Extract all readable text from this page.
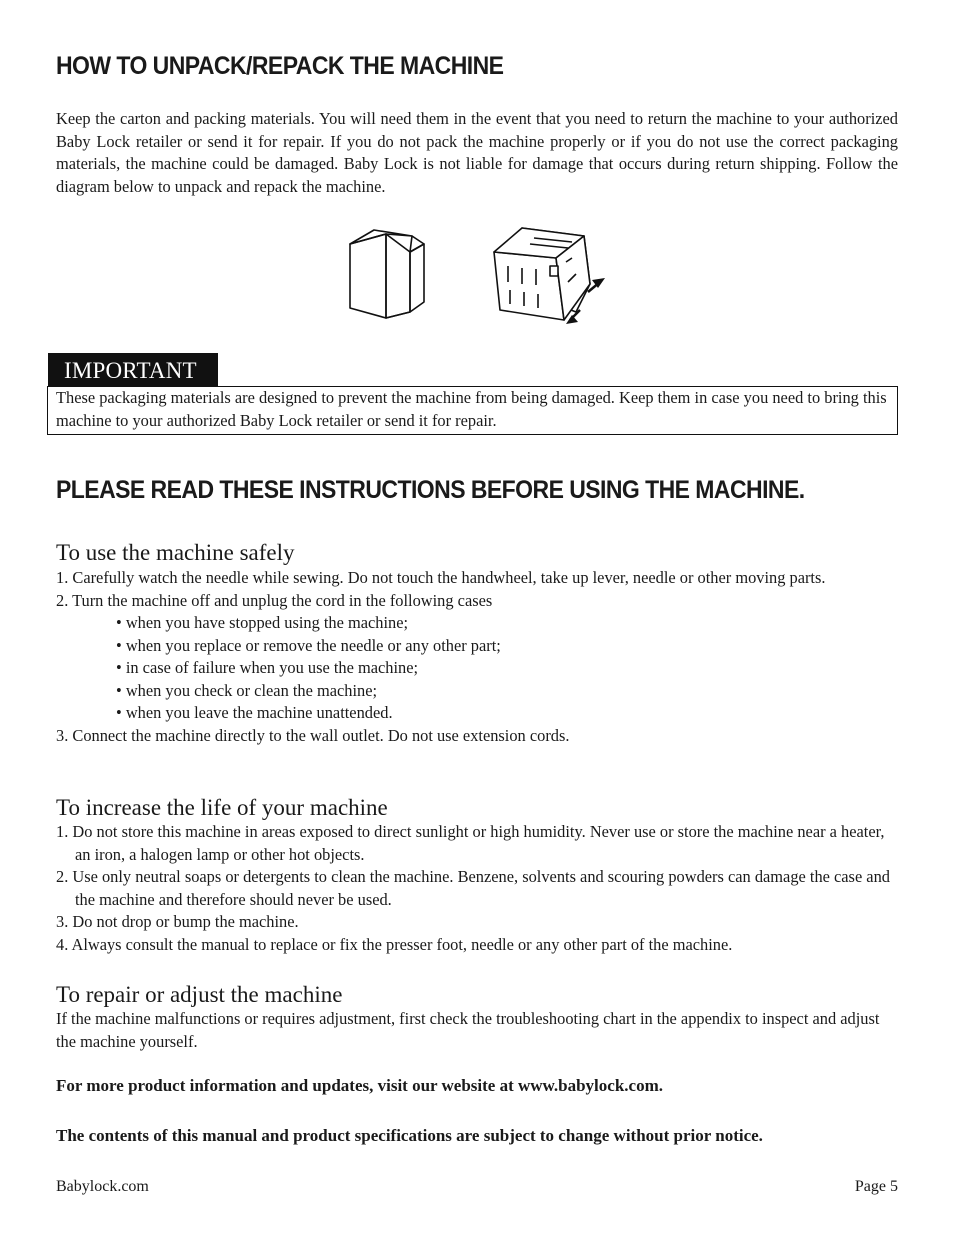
HOW TO UNPACK/REPACK THE MACHINE

Keep the carton and packing materials. You will need them in the event that you need to return the machine to your authorized Baby Lock retailer or send it for repair. If you do not pack the machine properly or if you do not use the correct packaging materials, the machine could be damaged. Baby Lock is not liable for damage that occurs during return shipping. Follow the diagram below to unpack and repack the machine.

IMPORTANT
These packaging materials are designed to prevent the machine from being damaged. Keep them in case you need to bring this machine to your authorized Baby Lock retailer or send it for repair.
PLEASE READ THESE INSTRUCTIONS BEFORE USING THE MACHINE.
To use the machine safely
1. Carefully watch the needle while sewing. Do not touch the handwheel, take up lever, needle or other moving parts.
2. Turn the machine off and unplug the cord in the following cases
• when you have stopped using the machine;
• when you replace or remove the needle or any other part;
• in case of failure when you use the machine;
• when you check or clean the machine;
• when you leave the machine unattended.
3. Connect the machine directly to the wall outlet. Do not use extension cords.
To increase the life of your machine
1. Do not store this machine in areas exposed to direct sunlight or high humidity. Never use or store the machine near a heater, an iron, a halogen lamp or other hot objects.
2. Use only neutral soaps or detergents to clean the machine. Benzene, solvents and scouring powders can damage the case and the machine and therefore should never be used.
3. Do not drop or bump the machine.
4. Always consult the manual to replace or fix the presser foot, needle or any other part of the machine.
To repair or adjust the machine

If the machine malfunctions or requires adjustment, first check the troubleshooting chart in the appendix to inspect and adjust the machine yourself.

For more product information and updates, visit our website at www.babylock.com.

The contents of this manual and product specifications are subject to change without prior notice.

Babylock.com	Page 5
